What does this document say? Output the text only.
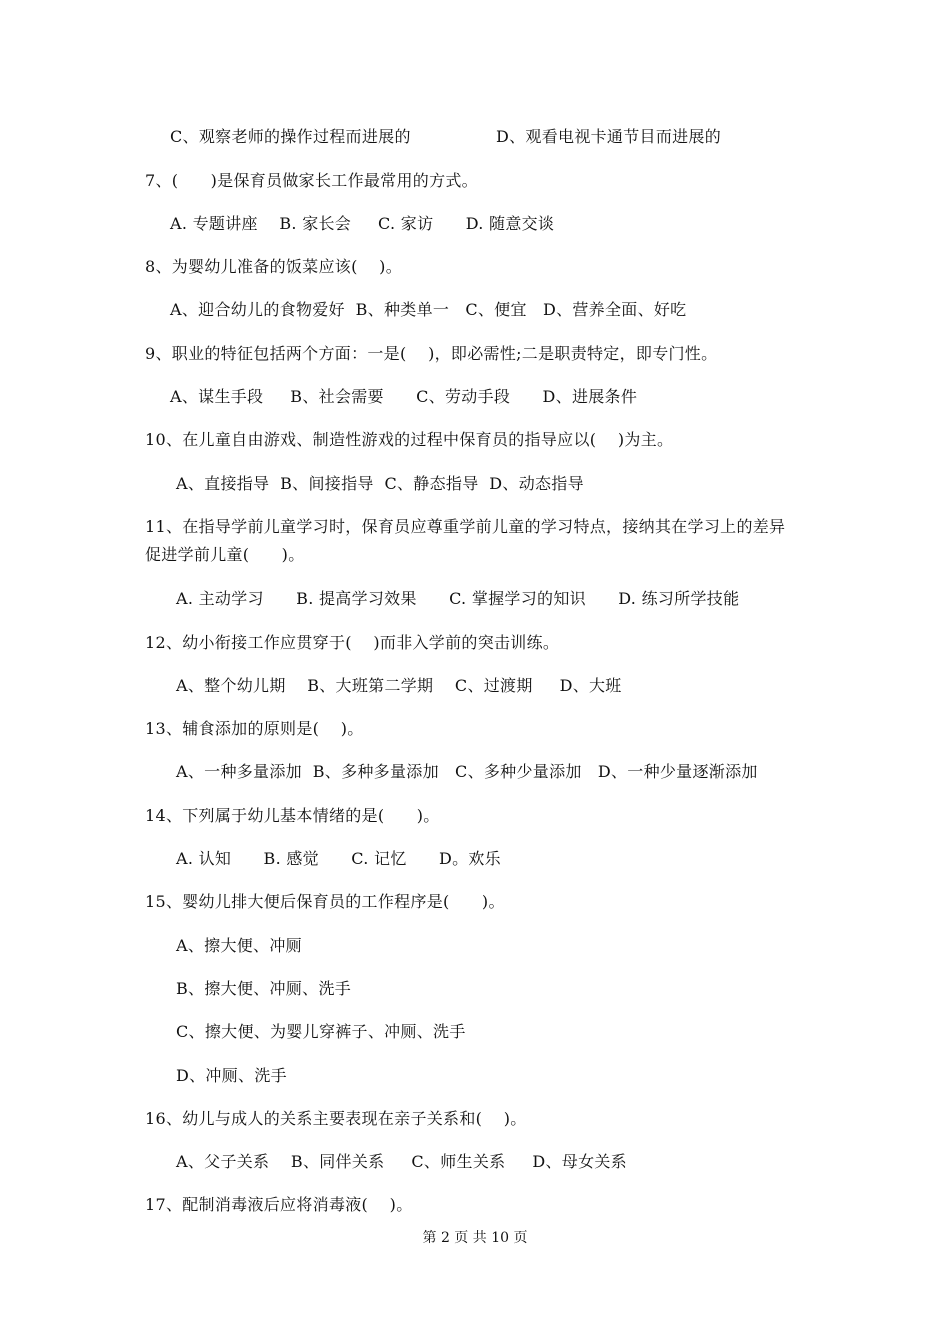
C、观察老师的操作过程而进展的	D、观看电视卡通节目而进展的
7、(      )是保育员做家长工作最常用的方式。
A. 专题讲座    B. 家长会     C. 家访      D. 随意交谈
8、为婴幼儿准备的饭菜应该(    )。
A、迎合幼儿的食物爱好  B、种类单一   C、便宜   D、营养全面、好吃
9、职业的特征包括两个方面：一是(    )，即必需性;二是职责特定，即专门性。
A、谋生手段     B、社会需要      C、劳动手段      D、进展条件
10、在儿童自由游戏、制造性游戏的过程中保育员的指导应以(    )为主。
A、直接指导  B、间接指导  C、静态指导  D、动态指导
11、在指导学前儿童学习时，保育员应尊重学前儿童的学习特点，接纳其在学习上的差异
促进学前儿童(      )。
A. 主动学习      B. 提高学习效果      C. 掌握学习的知识      D. 练习所学技能
12、幼小衔接工作应贯穿于(    )而非入学前的突击训练。
A、整个幼儿期    B、大班第二学期    C、过渡期     D、大班
13、辅食添加的原则是(    )。
A、一种多量添加  B、多种多量添加   C、多种少量添加   D、一种少量逐渐添加
14、下列属于幼儿基本情绪的是(      )。
A. 认知      B. 感觉      C. 记忆      D。欢乐
15、婴幼儿排大便后保育员的工作程序是(      )。
A、擦大便、冲厕
B、擦大便、冲厕、洗手
C、擦大便、为婴儿穿裤子、冲厕、洗手
D、冲厕、洗手
16、幼儿与成人的关系主要表现在亲子关系和(    )。
A、父子关系    B、同伴关系     C、师生关系     D、母女关系
17、配制消毒液后应将消毒液(    )。
第 2 页 共 10 页
